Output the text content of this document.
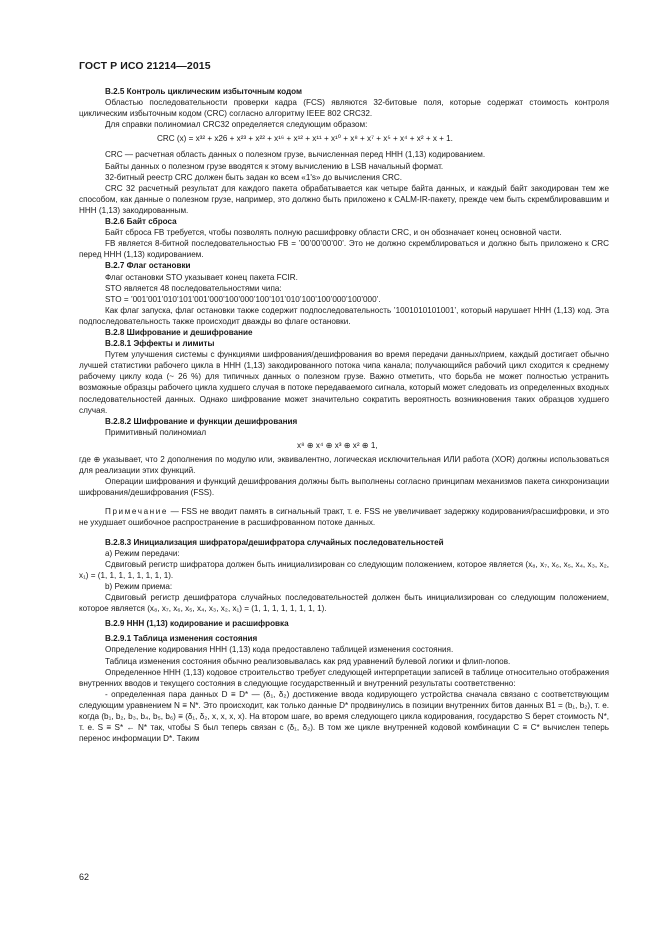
ГОСТ Р ИСО 21214—2015

В.2.5 Контроль циклическим избыточным кодом

Областью последовательности проверки кадра (FCS) являются 32-битовые поля, которые содержат стоимость контроля циклическим избыточным кодом (CRC) согласно алгоритму IEEE 802 CRC32.

Для справки полиномиал CRC32 определяется следующим образом:

CRC (x) = x³² + x26 + x²³ + x²² + x¹⁶ + x¹² + x¹¹ + x¹⁰ + x⁸ + x⁷ + x⁵ + x⁴ + x² + x + 1.

CRC — расчетная область данных о полезном грузе, вычисленная перед HHH (1,13) кодированием.

Байты данных о полезном грузе вводятся к этому вычислению в LSB начальный формат.

32-битный реестр CRC должен быть задан ко всем «1's» до вычисления CRC.

CRC 32 расчетный результат для каждого пакета обрабатывается как четыре байта данных, и каждый байт закодирован тем же способом, как данные о полезном грузе, например, это должно быть приложено к CALM-IR-пакету, прежде чем быть скремблировавшим и HHH (1,13) закодированным.

В.2.6 Байт сброса

Байт сброса FB требуется, чтобы позволять полную расшифровку области CRC, и он обозначает конец основной части.

FB является 8-битной последовательностью FB = ’00’00’00’00’. Это не должно скремблироваться и должно быть приложено к CRC перед HHH (1,13) кодированием.

В.2.7 Флаг остановки

Флаг остановки STO указывает конец пакета FCIR.

STO является 48 последовательностями чипа:

STO = ’001’001’010’101’001’000’100’000’100’101’010’100’100’000’100’000’.

Как флаг запуска, флаг остановки также содержит подпоследовательность ’1001010101001’, который нарушает HHH (1,13) код. Эта подпоследовательность также происходит дважды во флаге остановки.

В.2.8 Шифрование и дешифрование

В.2.8.1 Эффекты и лимиты

Путем улучшения системы с функциями шифрования/дешифрования во время передачи данных/прием, каждый достигает обычно лучшей статистики рабочего цикла в HHH (1,13) закодированного потока чипа канала; получающийся рабочий цикл сходится к среднему рабочему циклу кода (~ 26 %) для типичных данных о полезном грузе. Важно отметить, что борьба не может полностью устранить возможные образцы рабочего цикла худшего случая в потоке передаваемого сигнала, который может следовать из определенных входных последовательностей данных. Однако шифрование может значительно сократить вероятность возникновения таких образцов худшего случая.

В.2.8.2 Шифрование и функции дешифрования

Примитивный полиномиал

x⁸ ⊕ x⁴ ⊕ x³ ⊕ x² ⊕ 1,

где ⊕ указывает, что 2 дополнения по модулю или, эквивалентно, логическая исключительная ИЛИ работа (XOR) должны использоваться для реализации этих функций.

Операции шифрования и функций дешифрования должны быть выполнены согласно принципам механизмов пакета синхронизации шифрования/дешифрования (FSS).

Примечание — FSS не вводит память в сигнальный тракт, т. е. FSS не увеличивает задержку кодирования/расшифровки, и это не ухудшает ошибочное распространение в расшифрованном потоке данных.

В.2.8.3 Инициализация шифратора/дешифратора случайных последовательностей

а) Режим передачи:

Сдвиговый регистр шифратора должен быть инициализирован со следующим положением, которое является (x₈, x₇, x₆, x₅, x₄, x₃, x₂, x₁) = (1, 1, 1, 1, 1, 1, 1, 1).

b) Режим приема:

Сдвиговый регистр дешифратора случайных последовательностей должен быть инициализирован со следующим положением, которое является (x₈, x₇, x₆, x₅, x₄, x₃, x₂, x₁) = (1, 1, 1, 1, 1, 1, 1, 1).

В.2.9 HHH (1,13) кодирование и расшифровка

В.2.9.1 Таблица изменения состояния

Определение кодирования HHH (1,13) кода предоставлено таблицей изменения состояния.

Таблица изменения состояния обычно реализовывалась как ряд уравнений булевой логики и флип-лопов.

Определенное HHH (1,13) кодовое строительство требует следующей интерпретации записей в таблице относительно отображения внутренних вводов и текущего состояния в следующие государственный и внутренний результаты соответственно:

- определенная пара данных D ≡ D* — (δ₁, δ₂) достижение ввода кодирующего устройства сначала связано с соответствующим следующим уравнением N ≡ N*. Это происходит, как только данные D* продвинулись в позиции внутренних битов данных B1 = (b₁, b₂), т. е. когда (b₁, b₂, b₃, b₄, b₅, b₆) ≡ (δ₁, δ₂, x, x, x, x). На втором шаге, во время следующего цикла кодирования, государство S берет стоимость N*, т. е. S ≡ S* ← N* так, чтобы S был теперь связан с (δ₁, δ₂). В том же цикле внутренней кодовой комбинации C ≡ C* вычислен теперь перенос информации D*. Таким

62
